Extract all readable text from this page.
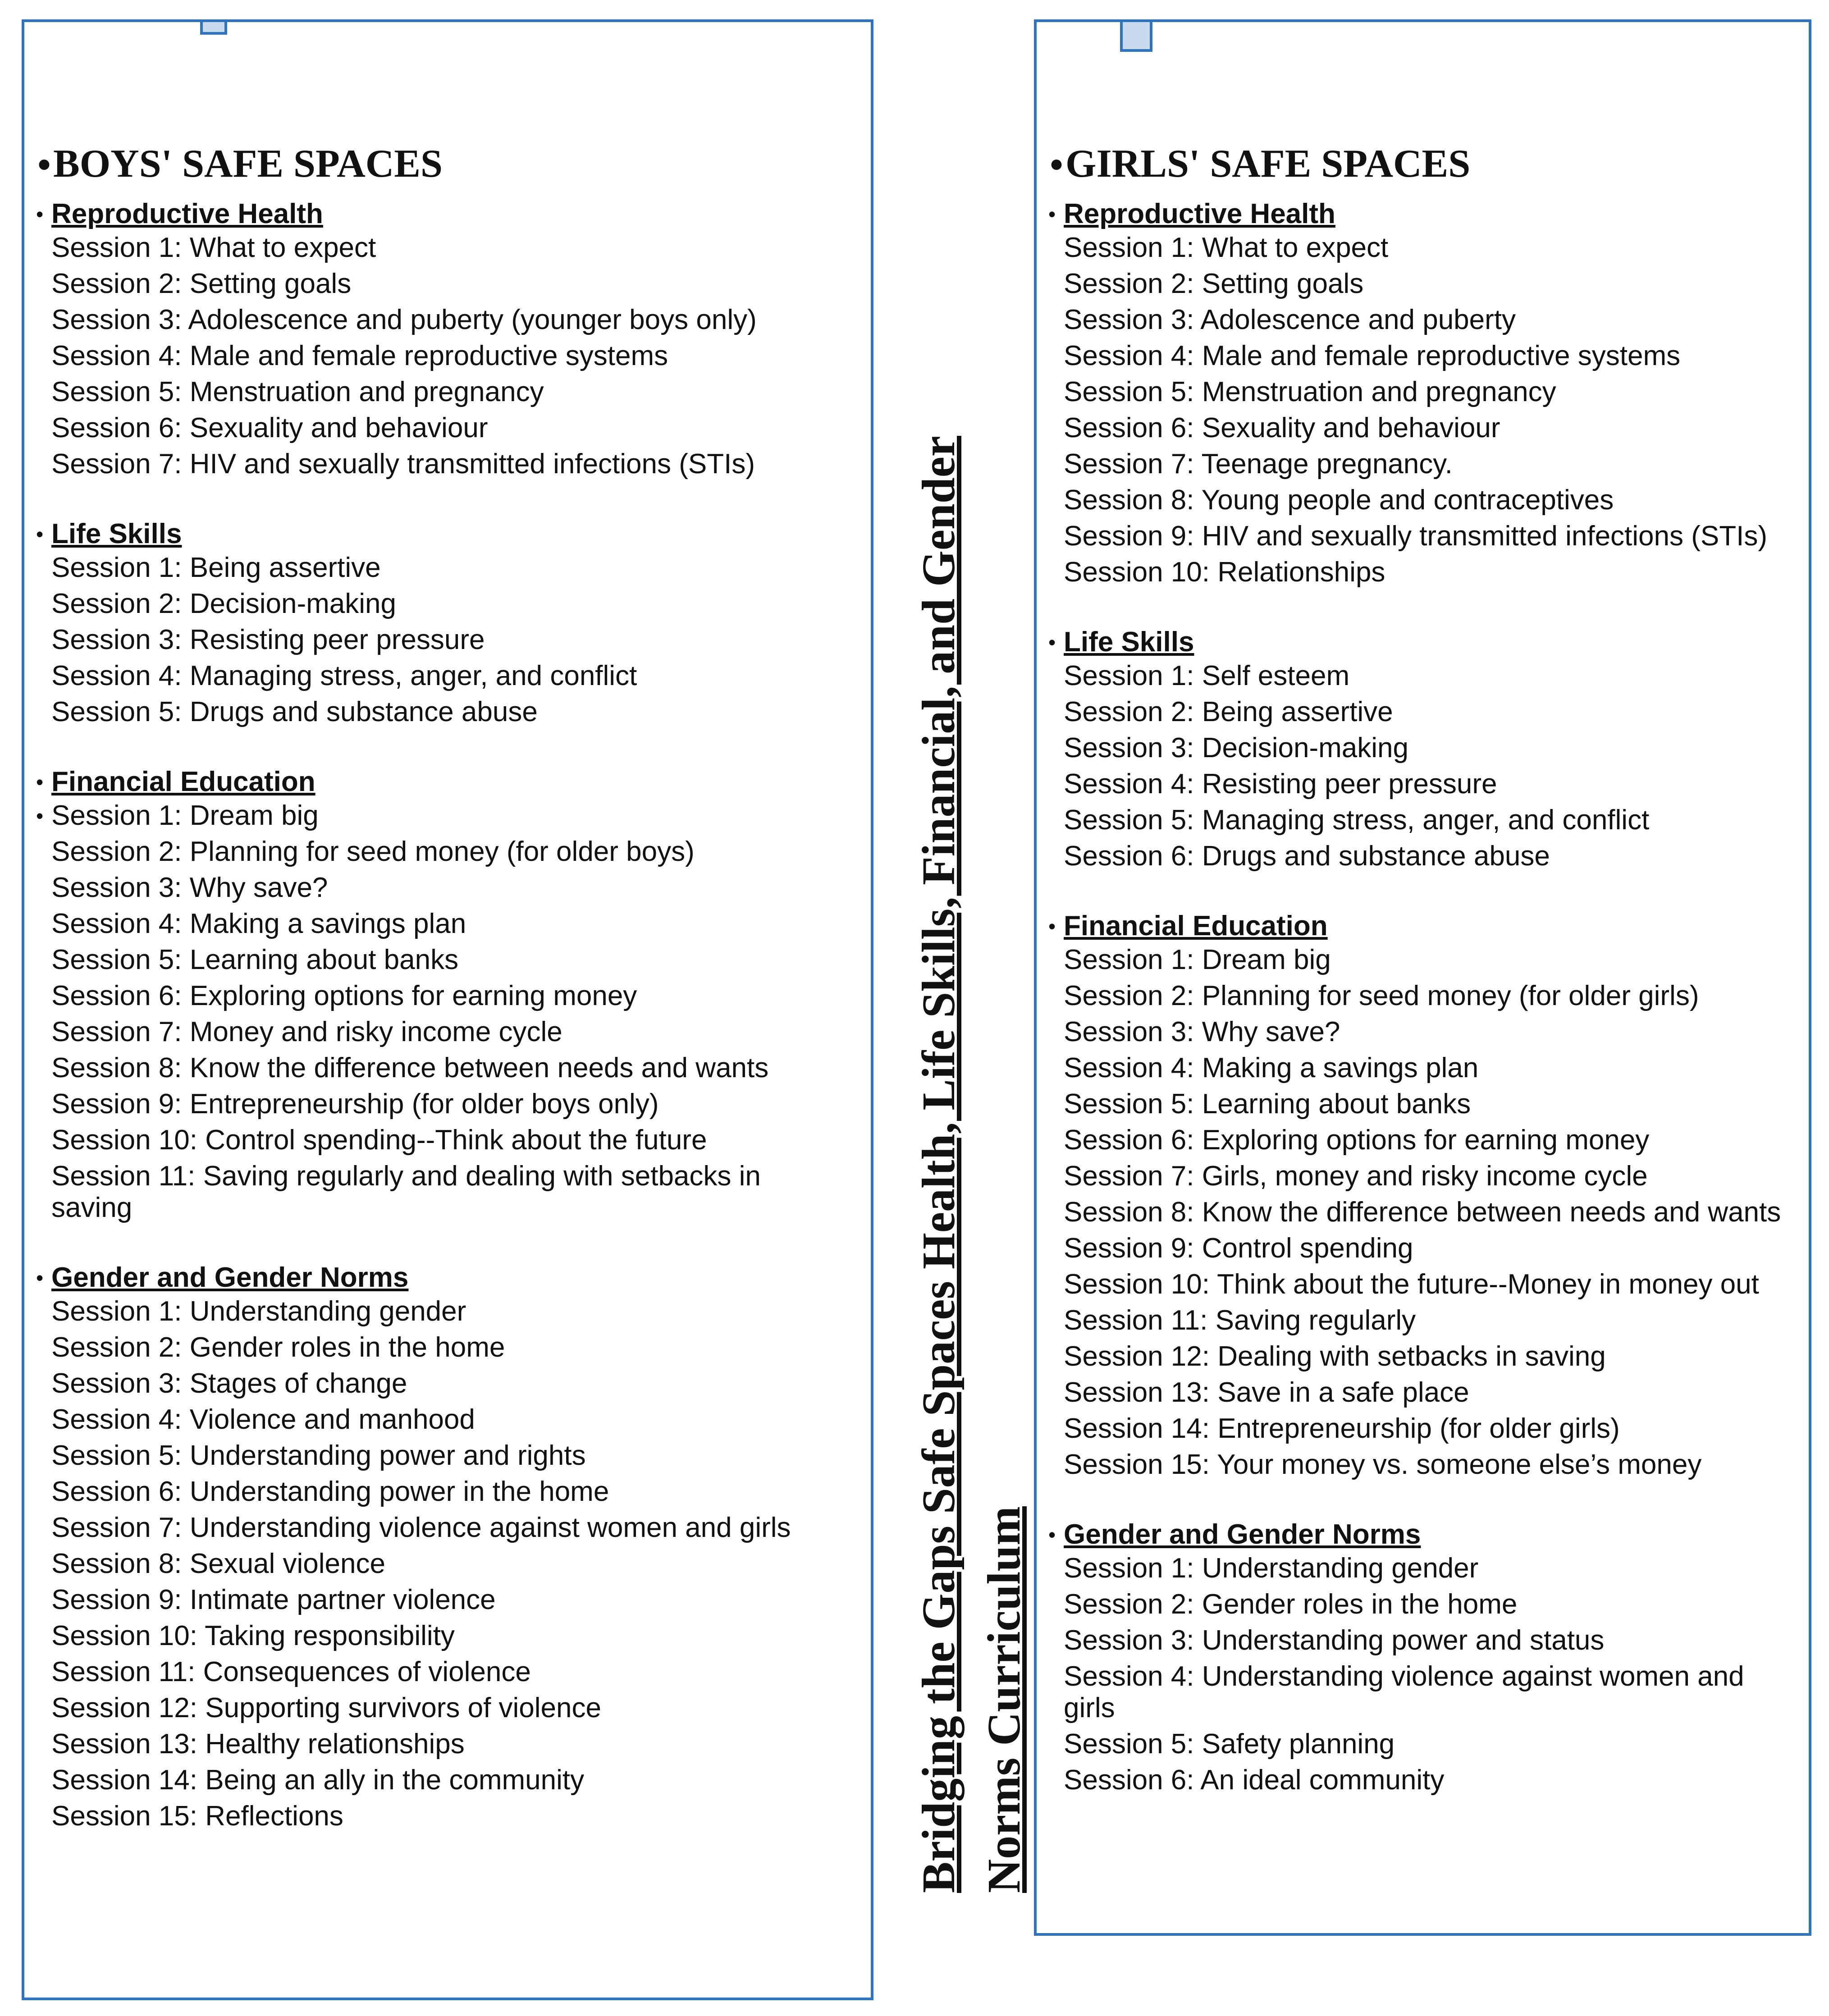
•BOYS' SAFE SPACES
• Reproductive Health
Session 1: What to expect
Session 2: Setting goals
Session 3: Adolescence and puberty (younger boys only)
Session 4: Male and female reproductive systems
Session 5: Menstruation and pregnancy
Session 6: Sexuality and behaviour
Session 7: HIV and sexually transmitted infections (STIs)
• Life Skills
Session 1: Being assertive
Session 2: Decision-making
Session 3: Resisting peer pressure
Session 4: Managing stress, anger, and conflict
Session 5: Drugs and substance abuse
• Financial Education
• Session 1: Dream big
Session 2: Planning for seed money (for older boys)
Session 3: Why save?
Session 4: Making a savings plan
Session 5: Learning about banks
Session 6: Exploring options for earning money
Session 7: Money and risky income cycle
Session 8: Know the difference between needs and wants
Session 9: Entrepreneurship (for older boys only)
Session 10: Control spending--Think about the future
Session 11: Saving regularly and dealing with setbacks in saving
• Gender and Gender Norms
Session 1: Understanding gender
Session 2: Gender roles in the home
Session 3: Stages of change
Session 4: Violence and manhood
Session 5: Understanding power and rights
Session 6: Understanding power in the home
Session 7: Understanding violence against women and girls
Session 8: Sexual violence
Session 9: Intimate partner violence
Session 10: Taking responsibility
Session 11: Consequences of violence
Session 12: Supporting survivors of violence
Session 13: Healthy relationships
Session 14: Being an ally in the community
Session 15: Reflections	Bridging the Gaps Safe Spaces Health, Life Skills, Financial, and Gender Norms Curriculum
•GIRLS' SAFE SPACES
• Reproductive Health
Session 1: What to expect
Session 2: Setting goals
Session 3: Adolescence and puberty
Session 4: Male and female reproductive systems
Session 5: Menstruation and pregnancy
Session 6: Sexuality and behaviour
Session 7: Teenage pregnancy.
Session 8: Young people and contraceptives
Session 9: HIV and sexually transmitted infections (STIs)
Session 10: Relationships
• Life Skills
Session 1: Self esteem
Session 2: Being assertive
Session 3: Decision-making
Session 4: Resisting peer pressure
Session 5: Managing stress, anger, and conflict
Session 6: Drugs and substance abuse
• Financial Education
Session 1: Dream big
Session 2: Planning for seed money (for older girls)
Session 3: Why save?
Session 4: Making a savings plan
Session 5: Learning about banks
Session 6: Exploring options for earning money
Session 7: Girls, money and risky income cycle
Session 8: Know the difference between needs and wants
Session 9: Control spending
Session 10: Think about the future--Money in money out
Session 11: Saving regularly
Session 12: Dealing with setbacks in saving
Session 13: Save in a safe place
Session 14: Entrepreneurship (for older girls)
Session 15: Your money vs. someone else’s money
• Gender and Gender Norms
Session 1: Understanding gender
Session 2: Gender roles in the home
Session 3: Understanding power and status
Session 4: Understanding violence against women and girls
Session 5: Safety planning
Session 6: An ideal community
